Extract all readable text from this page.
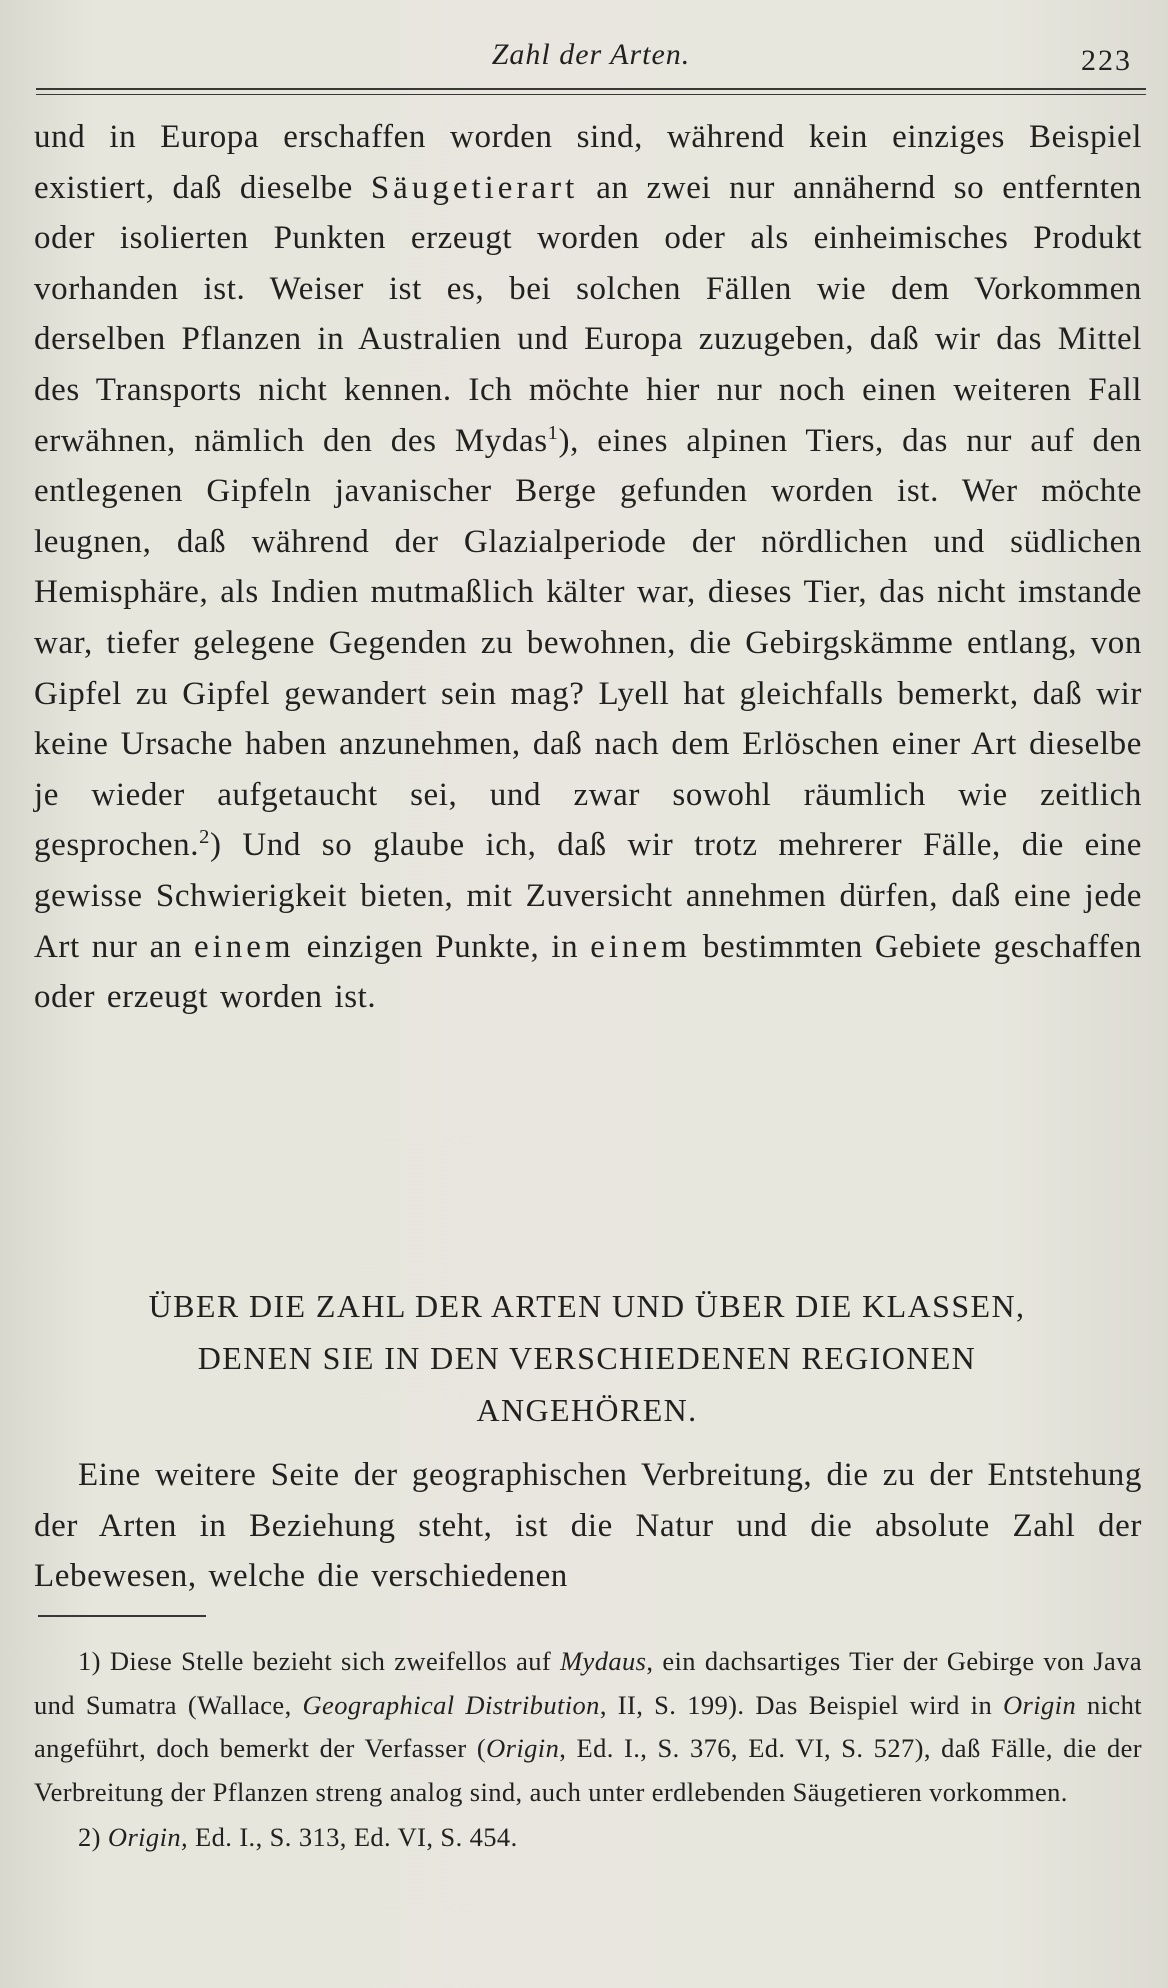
Zahl der Arten.	223

und in Europa erschaffen worden sind, während kein einziges Beispiel existiert, daß dieselbe Säugetierart an zwei nur annähernd so entfernten oder isolierten Punkten erzeugt worden oder als einheimisches Produkt vorhanden ist. Weiser ist es, bei solchen Fällen wie dem Vorkommen derselben Pflanzen in Australien und Europa zuzugeben, daß wir das Mittel des Transports nicht kennen. Ich möchte hier nur noch einen weiteren Fall erwähnen, nämlich den des Mydas$^1$), eines alpinen Tiers, das nur auf den entlegenen Gipfeln javanischer Berge gefunden worden ist. Wer möchte leugnen, daß während der Glazialperiode der nördlichen und südlichen Hemisphäre, als Indien mutmaßlich kälter war, dieses Tier, das nicht imstande war, tiefer gelegene Gegenden zu bewohnen, die Gebirgskämme entlang, von Gipfel zu Gipfel gewandert sein mag? Lyell hat gleichfalls bemerkt, daß wir keine Ursache haben anzunehmen, daß nach dem Erlöschen einer Art dieselbe je wieder aufgetaucht sei, und zwar sowohl räumlich wie zeitlich gesprochen.$^2$) Und so glaube ich, daß wir trotz mehrerer Fälle, die eine gewisse Schwierigkeit bieten, mit Zuversicht annehmen dürfen, daß eine jede Art nur an einem einzigen Punkte, in einem bestimmten Gebiete geschaffen oder erzeugt worden ist.

ÜBER DIE ZAHL DER ARTEN UND ÜBER DIE KLASSEN,
DENEN SIE IN DEN VERSCHIEDENEN REGIONEN
ANGEHÖREN.

Eine weitere Seite der geographischen Verbreitung, die zu der Entstehung der Arten in Beziehung steht, ist die Natur und die absolute Zahl der Lebewesen, welche die verschiedenen

1) Diese Stelle bezieht sich zweifellos auf Mydaus, ein dachsartiges Tier der Gebirge von Java und Sumatra (Wallace, Geographical Distribution, II, S. 199). Das Beispiel wird in Origin nicht angeführt, doch bemerkt der Verfasser (Origin, Ed. I., S. 376, Ed. VI, S. 527), daß Fälle, die der Verbreitung der Pflanzen streng analog sind, auch unter erdlebenden Säugetieren vorkommen.

2) Origin, Ed. I., S. 313, Ed. VI, S. 454.
